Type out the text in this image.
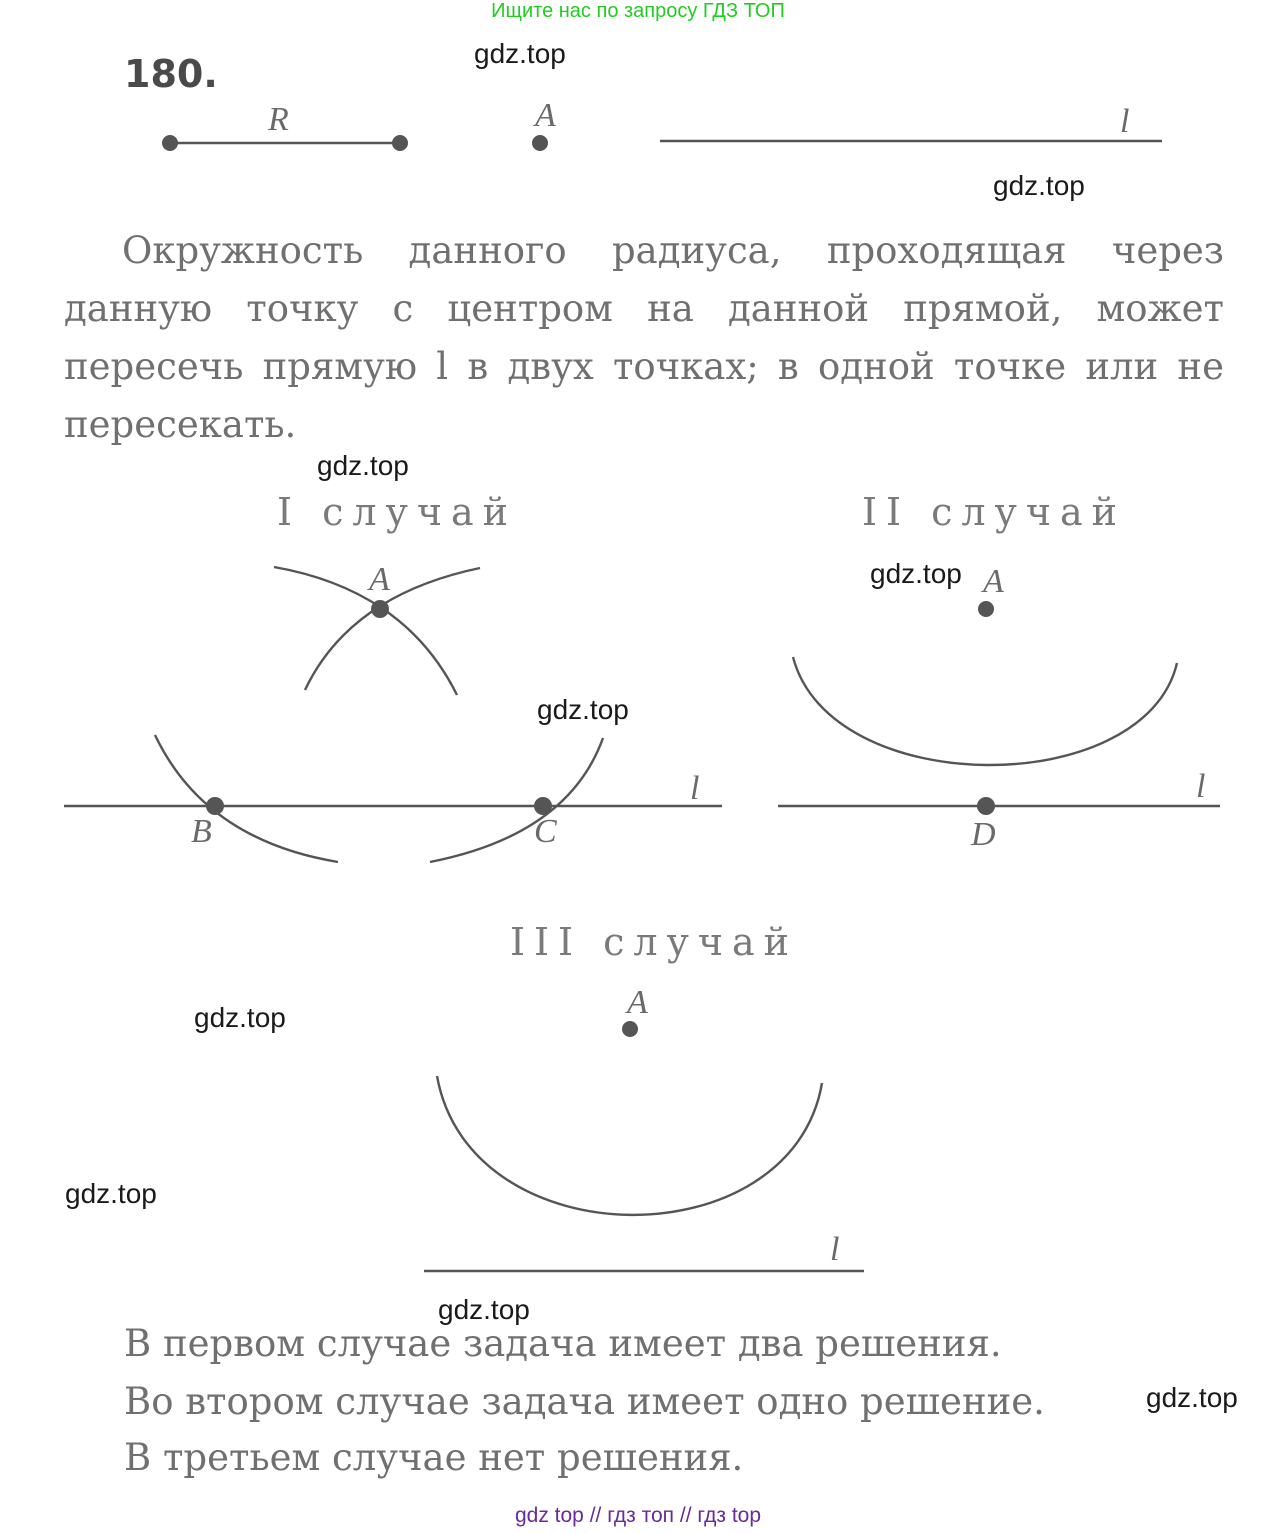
Ищите нас по запросу ГДЗ ТОП
180.	gdz.top
gdz.top
gdz.top
gdz.top
gdz.top
gdz.top
gdz.top
gdz.top
gdz.top
Окружность данного радиуса, проходящая через данную точку с центром на данной прямой, может пересечь прямую l в двух точках; в одной точке или не пересекать.
I случай	II случай
III случай
R	A	l
A
B	C
l
A
D
l
A
l
В первом случае задача имеет два решения.
Во втором случае задача имеет одно решение.
В третьем случае нет решения.
gdz top // гдз топ // гдз top
